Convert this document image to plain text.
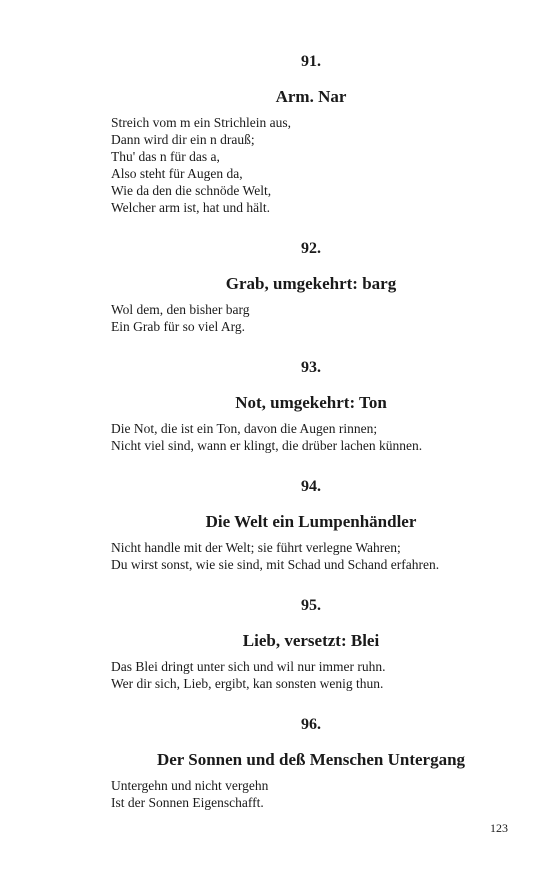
91.
Arm. Nar
Streich vom m ein Strichlein aus,
Dann wird dir ein n drauß;
Thu' das n für das a,
Also steht für Augen da,
Wie da den die schnöde Welt,
Welcher arm ist, hat und hält.
92.
Grab, umgekehrt: barg
Wol dem, den bisher barg
Ein Grab für so viel Arg.
93.
Not, umgekehrt: Ton
Die Not, die ist ein Ton, davon die Augen rinnen;
Nicht viel sind, wann er klingt, die drüber lachen künnen.
94.
Die Welt ein Lumpenhändler
Nicht handle mit der Welt; sie führt verlegne Wahren;
Du wirst sonst, wie sie sind, mit Schad und Schand erfahren.
95.
Lieb, versetzt: Blei
Das Blei dringt unter sich und wil nur immer ruhn.
Wer dir sich, Lieb, ergibt, kan sonsten wenig thun.
96.
Der Sonnen und deß Menschen Untergang
Untergehn und nicht vergehn
Ist der Sonnen Eigenschafft.
123
